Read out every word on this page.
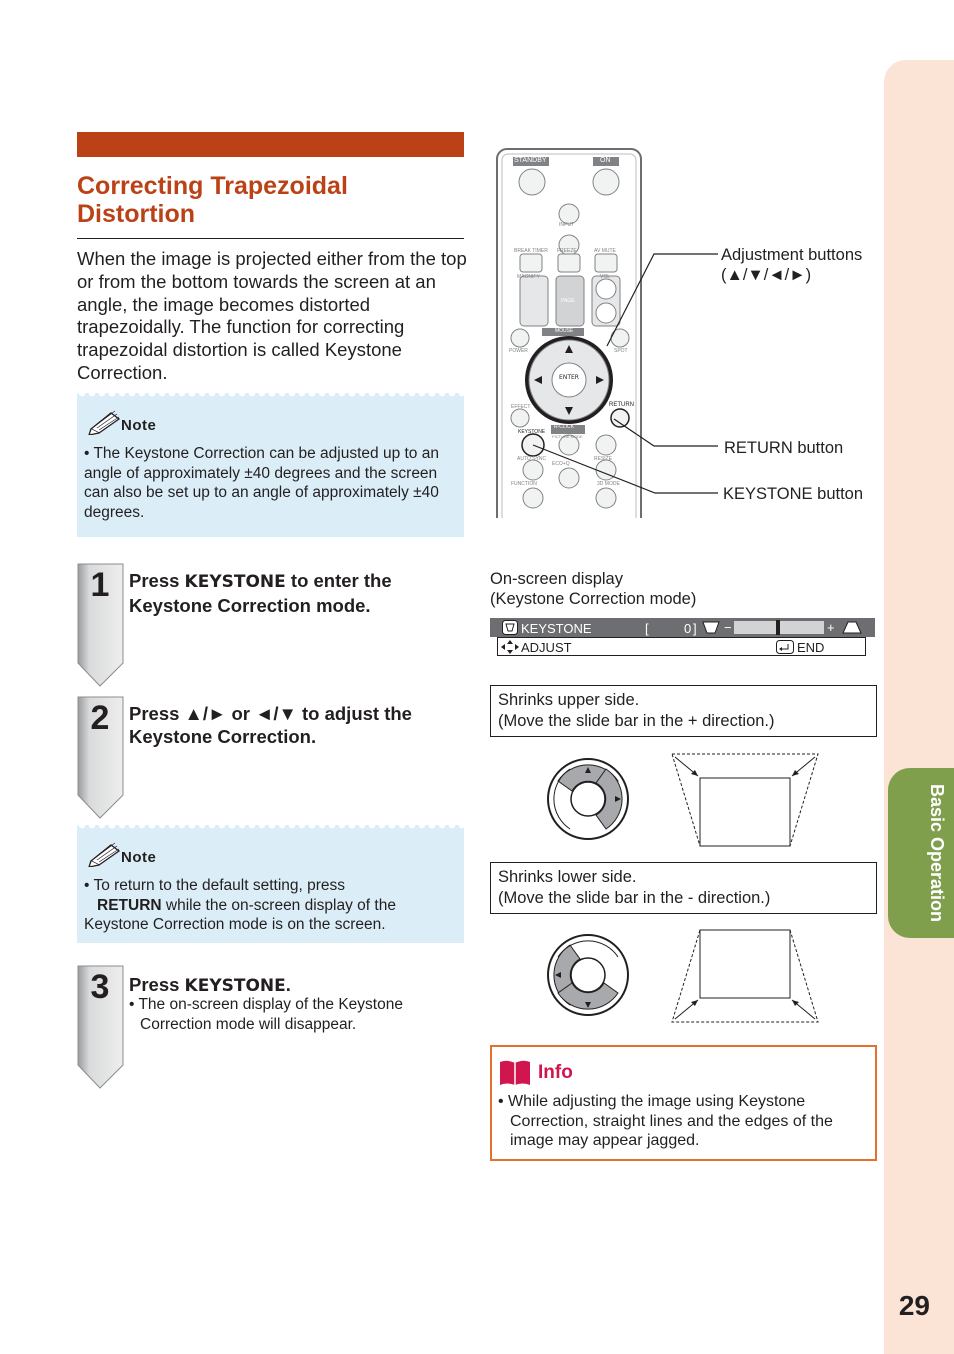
Basic Operation
29
Correcting Trapezoidal Distortion
When the image is projected either from the top or from the bottom towards the screen at an angle, the image becomes distorted trapezoidally. The function for correcting trapezoidal distortion is called Keystone Correction.
Note
• The Keystone Correction can be adjusted up to an angle of approximately ±40 degrees and the screen can also be set up to an angle of approximately ±40 degrees.
1	Press KEYSTONE to enter the Keystone Correction mode.
2	Press ▲/► or ◄/▼ to adjust the Keystone Correction.
Note
• To return to the default setting, press
RETURN while the on-screen display of the Keystone Correction mode is on the screen.
3	Press KEYSTONE.
• The on-screen display of the Keystone Correction mode will disappear.
ENTER
STANDBY	ON
INPUT
BREAK TIMER FREEZE	AV MUTE
MAGNIFY	VOL
PAGE
MOUSE
POWER	SPOT
EFFECT	RETURN
KEYSTONE
R-CLICK
PICTURE MODE
AUTO SYNC	RESIZE
ECO+Q
FUNCTION	3D MODE
Adjustment buttons
(▲/▼/◄/►)
RETURN button
KEYSTONE button
On-screen display
(Keystone Correction mode)
KEYSTONE	[	0 ] −	+
ADJUST	END
Shrinks upper side.
(Move the slide bar in the + direction.)
Shrinks lower side.
(Move the slide bar in the - direction.)
Info
• While adjusting the image using Keystone Correction, straight lines and the edges of the image may appear jagged.
